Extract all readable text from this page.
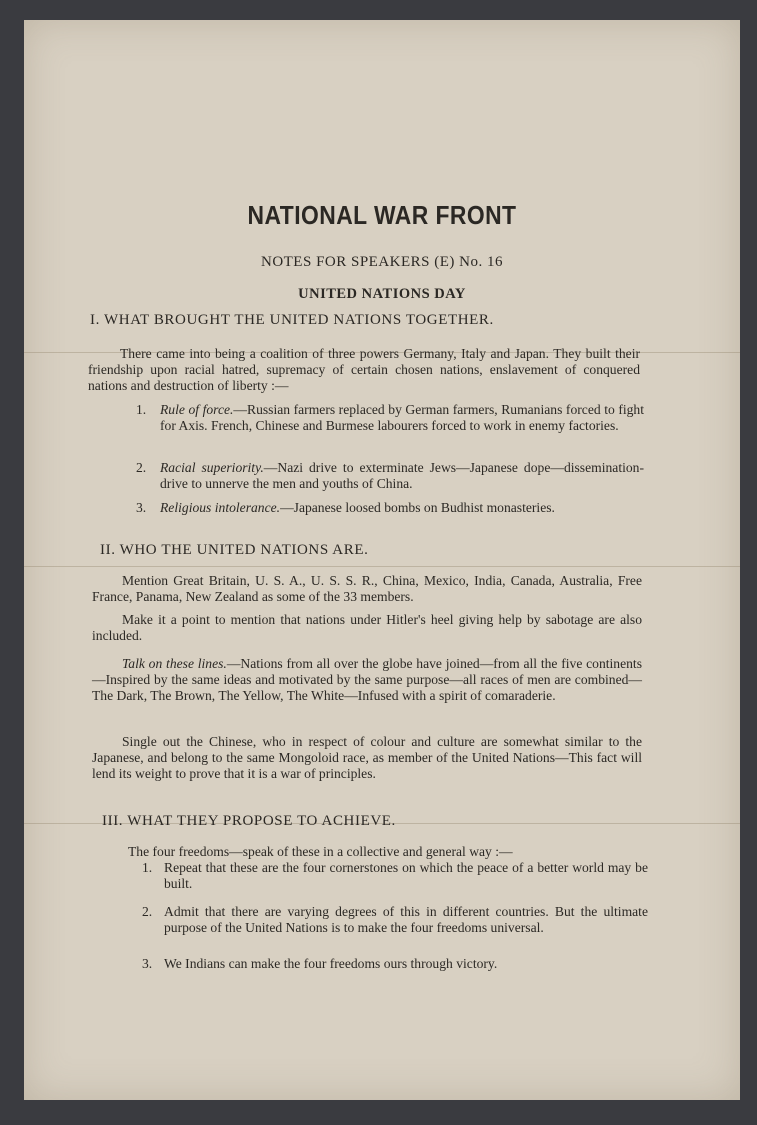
NATIONAL WAR FRONT
NOTES FOR SPEAKERS (E) No. 16
UNITED NATIONS DAY
I. WHAT BROUGHT THE UNITED NATIONS TOGETHER.
There came into being a coalition of three powers Germany, Italy and Japan. They built their friendship upon racial hatred, supremacy of certain chosen nations, enslavement of conquered nations and destruction of liberty :—
1. Rule of force.—Russian farmers replaced by German farmers, Rumanians forced to fight for Axis. French, Chinese and Burmese labourers forced to work in enemy factories.
2. Racial superiority.—Nazi drive to exterminate Jews—Japanese dope—dissemination-drive to unnerve the men and youths of China.
3. Religious intolerance.—Japanese loosed bombs on Budhist monasteries.
II. WHO THE UNITED NATIONS ARE.
Mention Great Britain, U. S. A., U. S. S. R., China, Mexico, India, Canada, Australia, Free France, Panama, New Zealand as some of the 33 members.
Make it a point to mention that nations under Hitler's heel giving help by sabotage are also included.
Talk on these lines.—Nations from all over the globe have joined—from all the five continents—Inspired by the same ideas and motivated by the same purpose—all races of men are combined—The Dark, The Brown, The Yellow, The White—Infused with a spirit of comaraderie.
Single out the Chinese, who in respect of colour and culture are somewhat similar to the Japanese, and belong to the same Mongoloid race, as member of the United Nations—This fact will lend its weight to prove that it is a war of principles.
III. WHAT THEY PROPOSE TO ACHIEVE.
The four freedoms—speak of these in a collective and general way :—
1. Repeat that these are the four cornerstones on which the peace of a better world may be built.
2. Admit that there are varying degrees of this in different countries. But the ultimate purpose of the United Nations is to make the four freedoms universal.
3. We Indians can make the four freedoms ours through victory.
